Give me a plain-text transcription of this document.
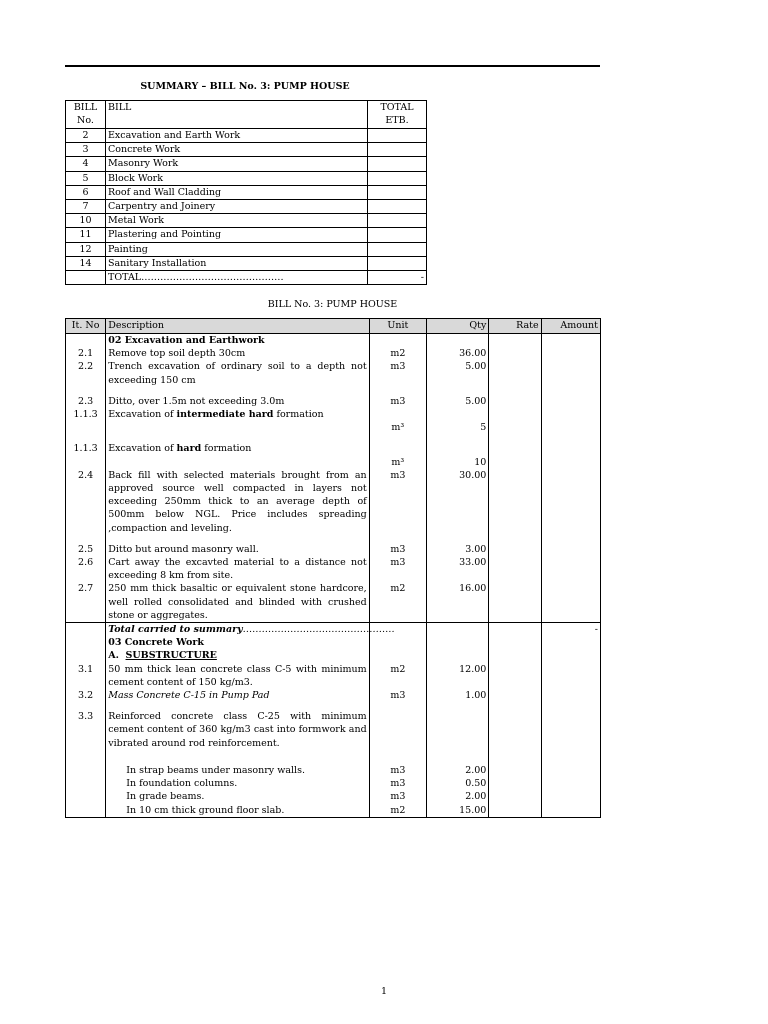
SUMMARY – BILL No. 3: PUMP HOUSE
BILL No.	BILL	TOTAL ETB.
2	Excavation and Earth Work	
3	Concrete Work	
4	Masonry Work	
5	Block Work	
6	Roof and Wall Cladding	
7	Carpentry and Joinery	
10	Metal Work	
11	Plastering and Pointing	
12	Painting	
14	Sanitary Installation	
	TOTAL………………………………………	-
BILL No. 3: PUMP HOUSE
It. No	Description	Unit	Qty	Rate	Amount
	02 Excavation and Earthwork				
2.1	Remove top soil depth 30cm	m2	36.00		
2.2	Trench excavation of ordinary soil to a depth not exceeding 150 cm	m3	5.00		

2.3	Ditto, over 1.5m not exceeding 3.0m	m3	5.00		
1.1.3	Excavation of intermediate hard formation				
		m³	5		

1.1.3	Excavation of hard formation				
		m³	10		
2.4	Back fill with selected materials brought from an approved source well compacted in layers not exceeding 250mm thick to an average depth of 500mm below NGL. Price includes spreading ,compaction and leveling.	m3	30.00		

2.5	Ditto but around masonry wall.	m3	3.00		
2.6	Cart away the excavted material to a distance not exceeding 8 km from site.	m3	33.00		
2.7	250 mm thick basaltic or equivalent stone hardcore, well rolled consolidated and blinded with crushed stone or aggregates.	m2	16.00		
	Total carried to summary…………………………………………				-
	03 Concrete Work				
	A. SUBSTRUCTURE				
3.1	50 mm thick lean concrete class C-5 with minimum cement content of 150 kg/m3.	m2	12.00		
3.2	Mass Concrete C-15 in Pump Pad	m3	1.00		

3.3	Reinforced concrete class C-25 with minimum cement content of 360 kg/m3 cast into formwork and vibrated around rod reinforcement.				

	In strap beams under masonry walls.	m3	2.00		
	In foundation columns.	m3	0.50		
	In grade beams.	m3	2.00		
	In 10 cm thick ground floor slab.	m2	15.00		
1
